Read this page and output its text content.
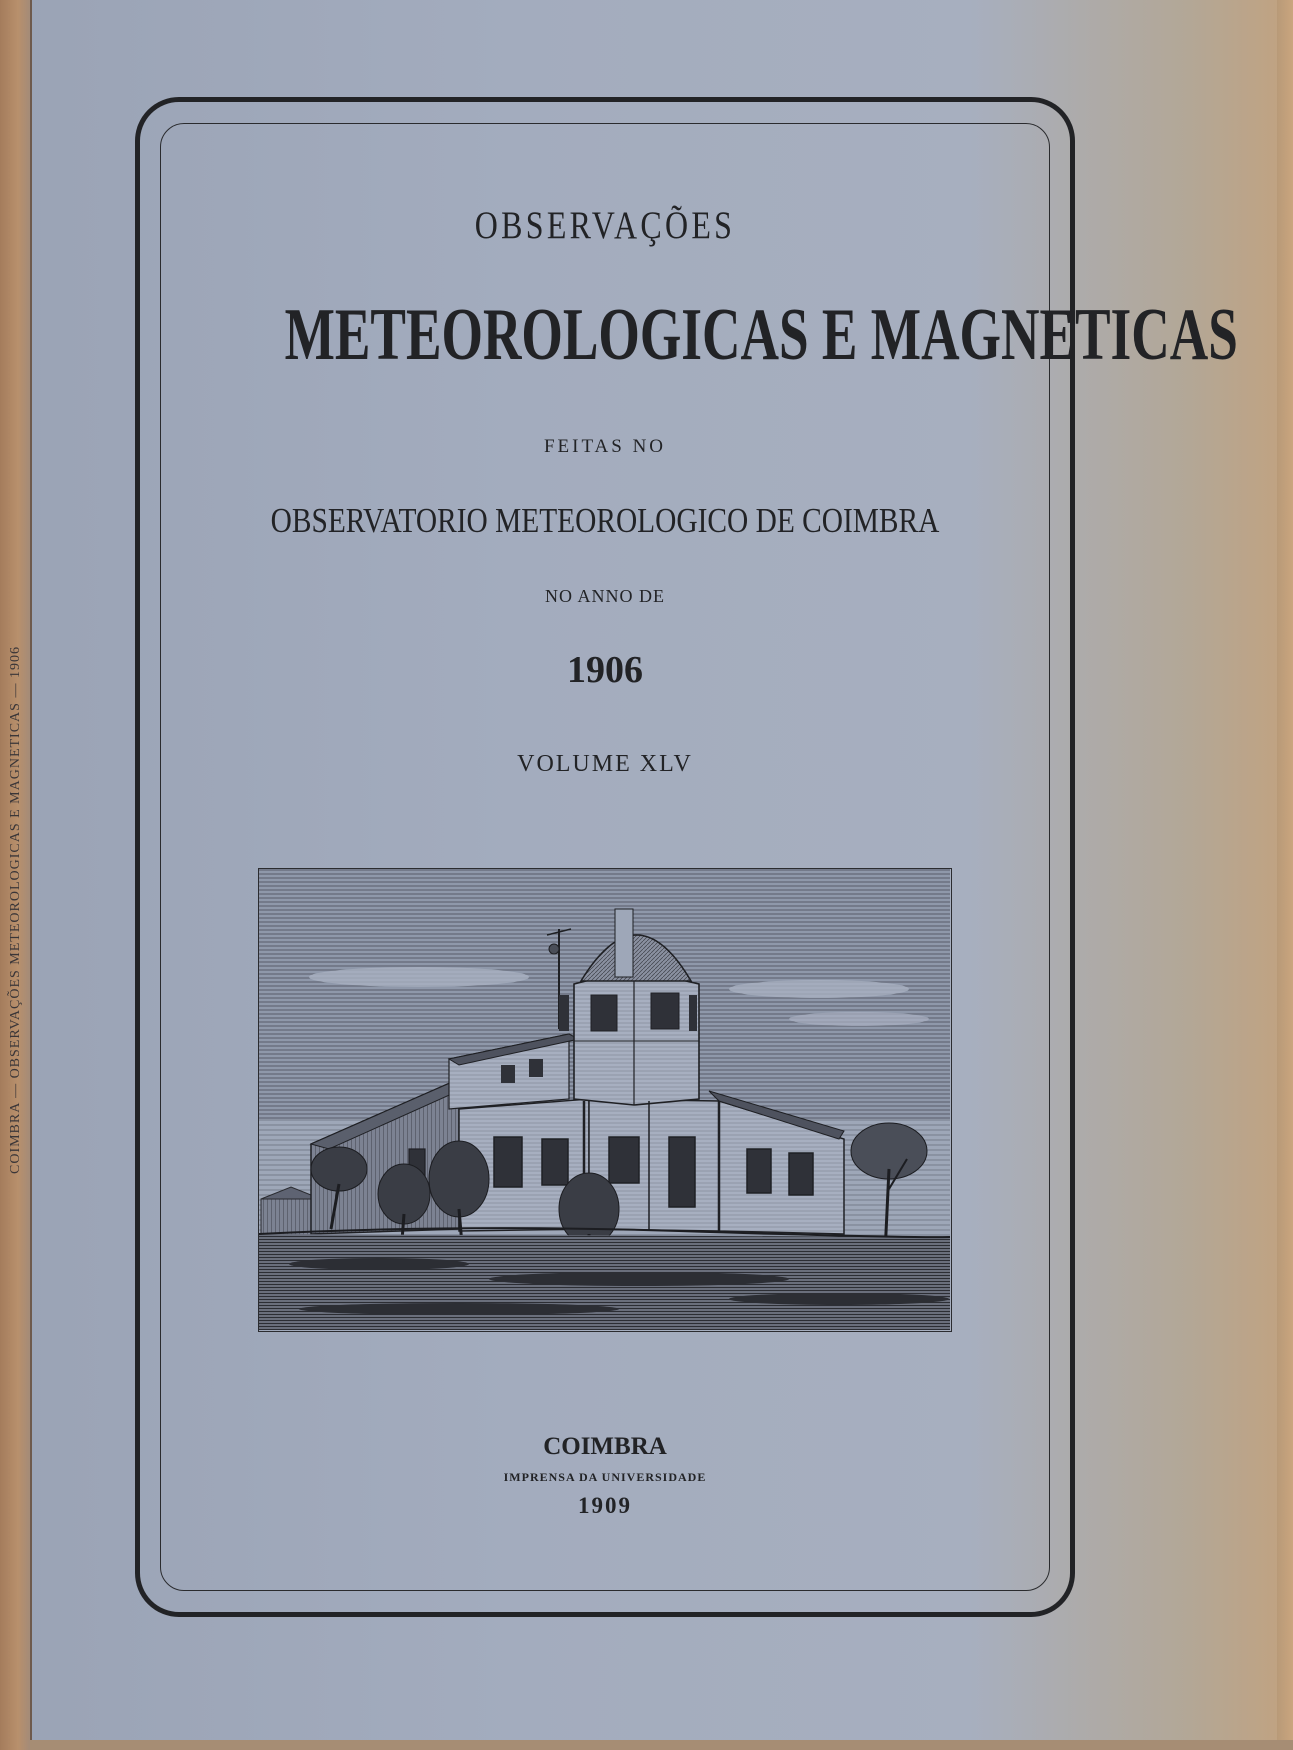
COIMBRA — OBSERVAÇÕES METEOROLOGICAS E MAGNETICAS — 1906
OBSERVAÇÕES
METEOROLOGICAS E MAGNETICAS
FEITAS NO
OBSERVATORIO METEOROLOGICO DE COIMBRA
NO ANNO DE
1906
VOLUME XLV
COIMBRA
IMPRENSA DA UNIVERSIDADE
1909
